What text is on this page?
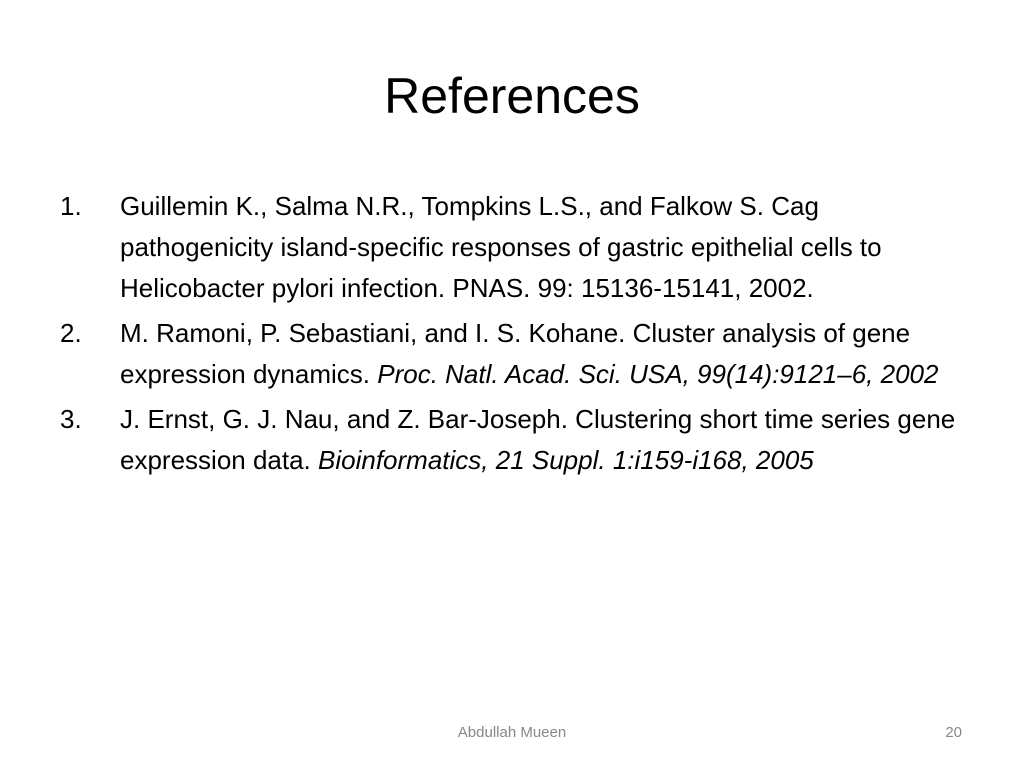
References
1. Guillemin K., Salma N.R., Tompkins L.S., and Falkow S. Cag pathogenicity island-specific responses of gastric epithelial cells to Helicobacter pylori infection. PNAS. 99: 15136-15141, 2002.
2. M. Ramoni, P. Sebastiani, and I. S. Kohane. Cluster analysis of gene expression dynamics. Proc. Natl. Acad. Sci. USA, 99(14):9121–6, 2002
3. J. Ernst, G. J. Nau, and Z. Bar-Joseph. Clustering short time series gene expression data. Bioinformatics, 21 Suppl. 1:i159-i168, 2005
Abdullah Mueen	20
